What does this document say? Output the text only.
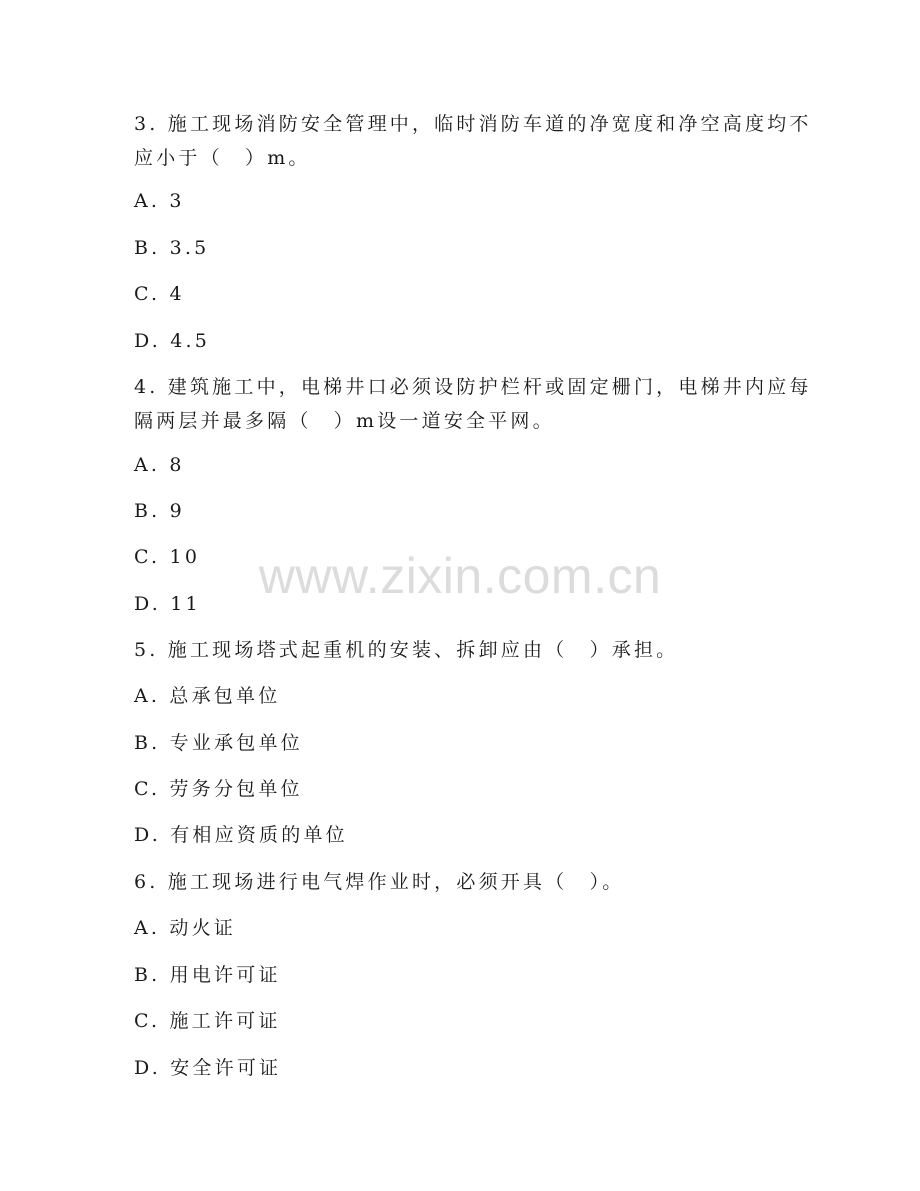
www.zixin.com.cn
3. 施工现场消防安全管理中，临时消防车道的净宽度和净空高度均不
应小于（　）m。
A. 3
B. 3.5
C. 4
D. 4.5
4. 建筑施工中，电梯井口必须设防护栏杆或固定栅门，电梯井内应每
隔两层并最多隔（　）m设一道安全平网。
A. 8
B. 9
C. 10
D. 11
5. 施工现场塔式起重机的安装、拆卸应由（　）承担。
A. 总承包单位
B. 专业承包单位
C. 劳务分包单位
D. 有相应资质的单位
6. 施工现场进行电气焊作业时，必须开具（　）。
A. 动火证
B. 用电许可证
C. 施工许可证
D. 安全许可证
